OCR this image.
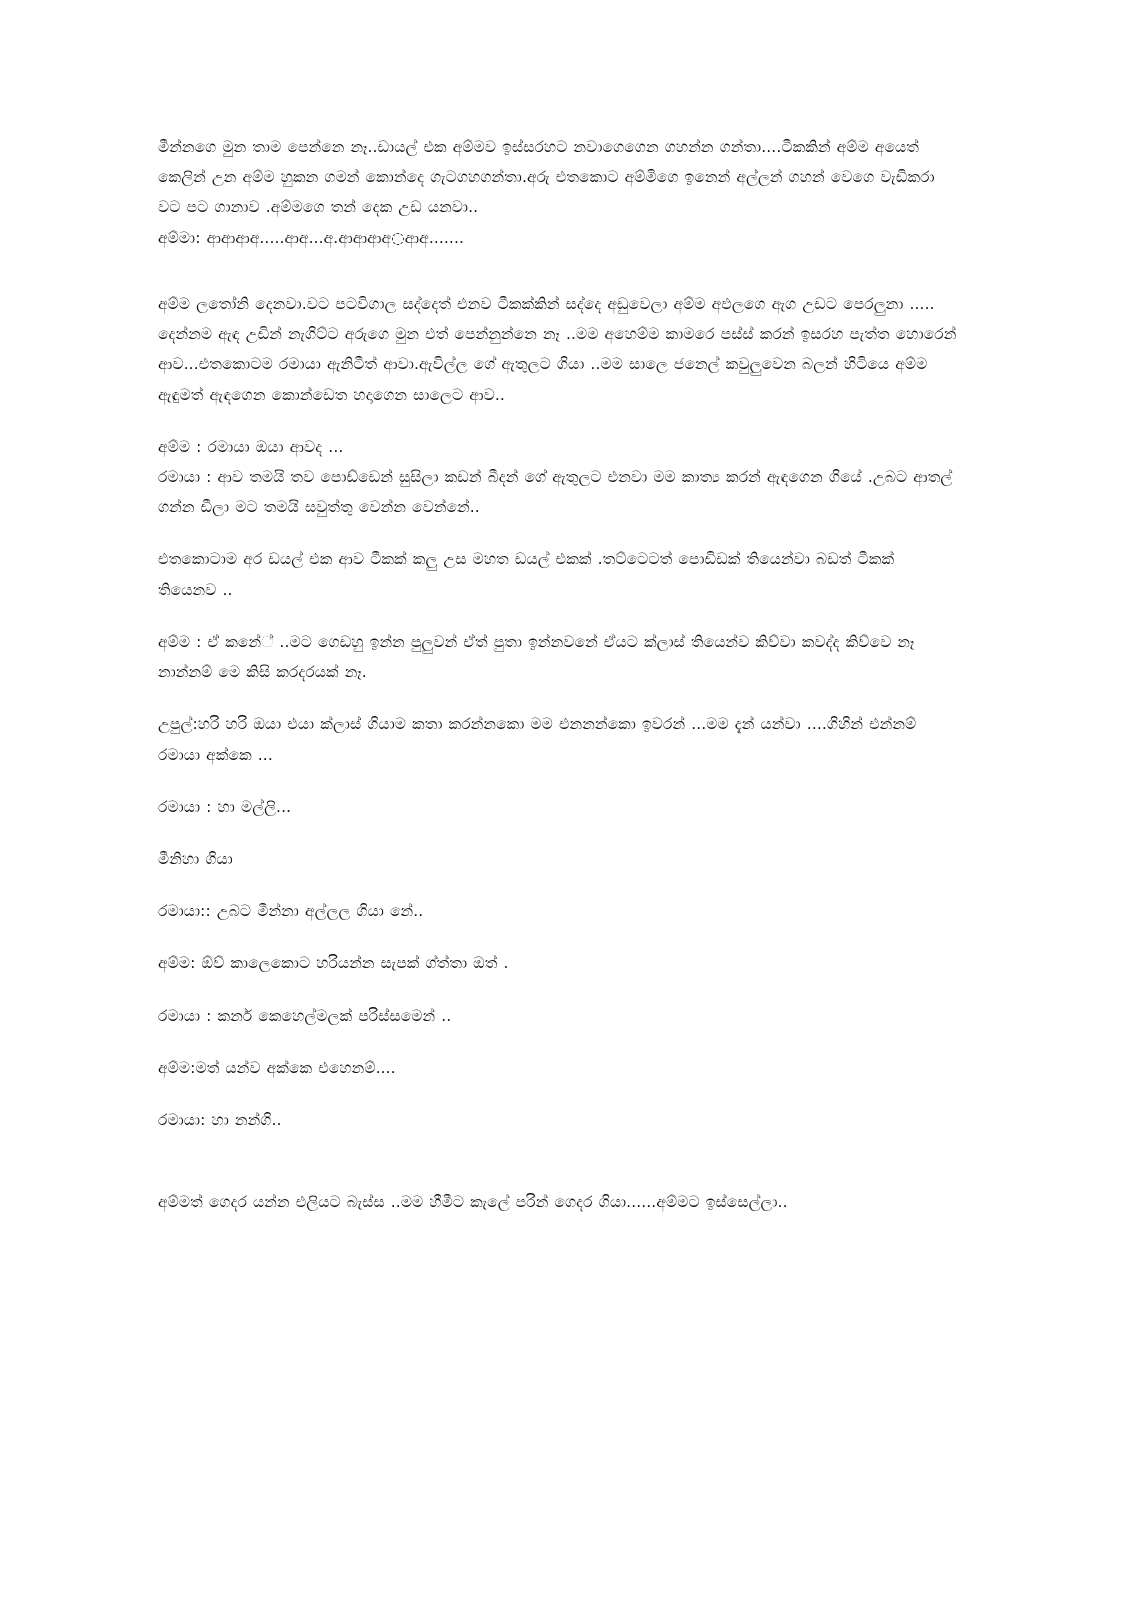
මීන්නගෙ මුන තාම පෙන්නෙ නෑ..ඩායල් එක අම්මව ඉස්සරහට නවාගෙගෙන ගහන්න ගන්තා....ටීකකින් අම්ම අයෙත් කෙලින් උන අම්ම හුකන ගමන් කොන්දෙ ගැටගහගන්තා.අරු එතකොට අම්මිගෙ ඉනෙන් අල්ලන් ගහන් වෙගෙ වැඩිකරා වට පට ගානාව .අම්මගෙ තන් දෙක උඩ යනවා..

අම්මා: ආආආඅ.....ආඅ...අ.ආආආඅ◌ආඅ.......

අම්ම ලතෝනි දෙනවා.වට පටවිගාල සද්දෙත් එනව ටීකක්කින් සද්දෙ අඩුවෙලා අම්ම අඵලගෙ ඇග උඩට පෙරලුනා .....

දෙන්නම ඇඳ උඩින් නැගිට්ට අරුගෙ මුන එත් පෙන්නුන්නෙ නෑ ..මම අහෙම්ම කාමරෙ පස්ස් කරන් ඉසරහ පැත්ත හොරෙන් ආව...එතකොටම රමායා ඇනිටීත් ආවා.ඇවිල්ල ගේ ඇතුලට ගියා ..මම සාලෙ ජනෙල් කවුලුවෙන බලන් හිටියෙ අම්ම ඇඳුමත් ඇඳගෙන කොන්ඩෙත හදාගෙන සාලෙට ආව..

අම්ම : රමායා ඔයා ආවද ...

රමායා : ආව තමයි තව පොඩ්ඩෙන් සුසිලා කඩන් බීදන් ගේ ඇතුලට එනවා මම කාත්‍ය කරන් ඇඳගෙන ගියේ .උබට ආතල් ගන්න ඩීලා මට තමයි සවුත්තු වෙන්න වෙන්නේ..

එතකොටාම අර ඩයල් එක ආව ටීකක් කලු උස මහත ඩයල් එකක් .තට්ටෙටත් පොඩිඩක් තියෙන්වා බඩත් ටීකක් තියෙනව ..

අම්ම : ඒ කනේ් ..මට ගෙඩහු ඉන්න පුලුවන් ඒත් පුතා ඉන්නවනේ ඒයට ක්ලාස් තියෙන්ව කිව්වා කවද්ද කිව්වෙ නෑ නාන්නම් මෙ කිසි කරදරයක් නෑ.

උපුල්:හරි හරි ඔයා එයා ක්ලාස් ගියාම කතා කරන්නකො මම එනනන්කො ඉවරන් ...මම දැන් යන්වා ....ගිහින් එන්නම් රමායා අක්කෙ ...

රමායා : හා මල්ලි...

මීනිහා ගියා

රමායා:: උබට මීන්නා අල්ලල ගියා නේ..

අම්ම: ඕව් කාලෙකොට හරියන්න සැපක් ග්ත්තා ඔත් .

රමායා : කර්න කෙහෙල්මලක් පරිස්සමෙන් ..

අම්ම:මත් යන්ව අක්කෙ එහෙනම්....

රමායා: හා නන්ගි..

අම්මත් ගෙදර යන්න එලියට බැස්ස ..මම හීමීට කැලේ පරින් ගෙදර ගියා......අම්මට ඉස්සෙල්ලා..
